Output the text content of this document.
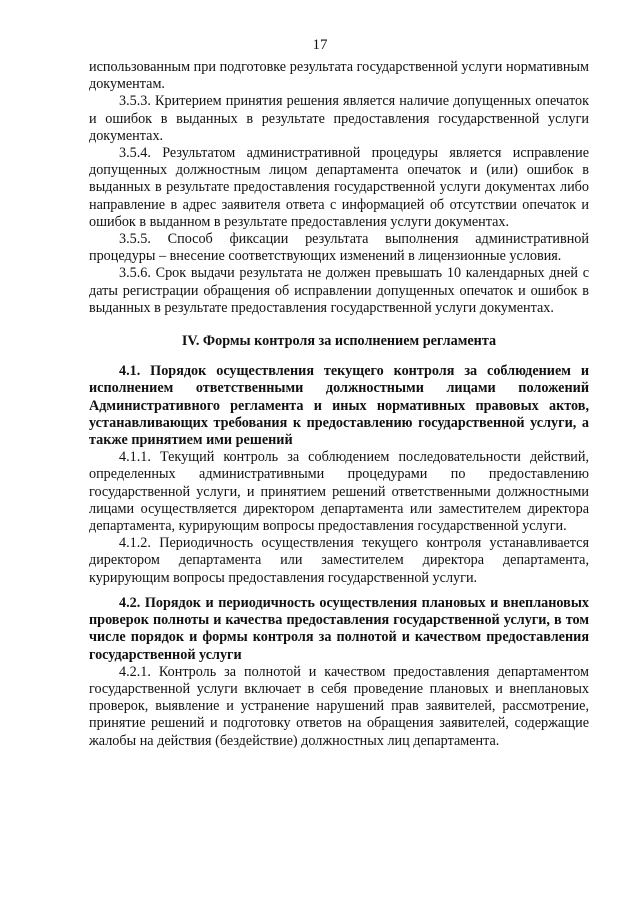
17

использованным при подготовке результата государственной услуги нормативным документам.

3.5.3. Критерием принятия решения является наличие допущенных опечаток и ошибок в выданных в результате предоставления государственной услуги документах.

3.5.4. Результатом административной процедуры является исправление допущенных должностным лицом департамента опечаток и (или) ошибок в выданных в результате предоставления государственной услуги документах либо направление в адрес заявителя ответа с информацией об отсутствии опечаток и ошибок в выданном в результате предоставления услуги документах.

3.5.5. Способ фиксации результата выполнения административной процедуры – внесение соответствующих изменений в лицензионные условия.

3.5.6. Срок выдачи результата не должен превышать 10 календарных дней с даты регистрации обращения об исправлении допущенных опечаток и ошибок в выданных в результате предоставления государственной услуги документах.

IV. Формы контроля за исполнением регламента

4.1. Порядок осуществления текущего контроля за соблюдением и исполнением ответственными должностными лицами положений Административного регламента и иных нормативных правовых актов, устанавливающих требования к предоставлению государственной услуги, а также принятием ими решений

4.1.1. Текущий контроль за соблюдением последовательности действий, определенных административными процедурами по предоставлению государственной услуги, и принятием решений ответственными должностными лицами осуществляется директором департамента или заместителем директора департамента, курирующим вопросы предоставления государственной услуги.

4.1.2. Периодичность осуществления текущего контроля устанавливается директором департамента или заместителем директора департамента, курирующим вопросы предоставления государственной услуги.

4.2. Порядок и периодичность осуществления плановых и внеплановых проверок полноты и качества предоставления государственной услуги, в том числе порядок и формы контроля за полнотой и качеством предоставления государственной услуги

4.2.1. Контроль за полнотой и качеством предоставления департаментом государственной услуги включает в себя проведение плановых и внеплановых проверок, выявление и устранение нарушений прав заявителей, рассмотрение, принятие решений и подготовку ответов на обращения заявителей, содержащие жалобы на действия (бездействие) должностных лиц департамента.
